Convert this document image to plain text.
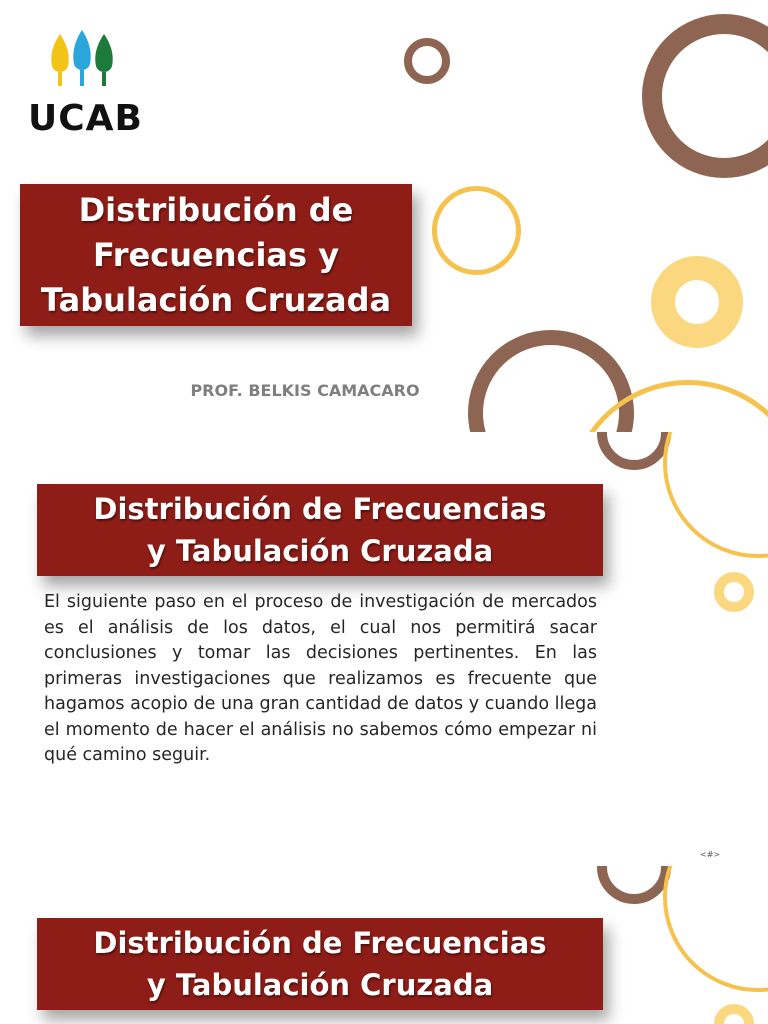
UCAB
Distribución de Frecuencias y Tabulación Cruzada
PROF. BELKIS CAMACARO
Distribución de Frecuencias y Tabulación Cruzada

El siguiente paso en el proceso de investigación de mercados es el análisis de los datos, el cual nos permitirá sacar conclusiones y tomar las decisiones pertinentes. En las primeras investigaciones que realizamos es frecuente que hagamos acopio de una gran cantidad de datos y cuando llega el momento de hacer el análisis no sabemos cómo empezar ni qué camino seguir.

<#>
Distribución de Frecuencias y Tabulación Cruzada
